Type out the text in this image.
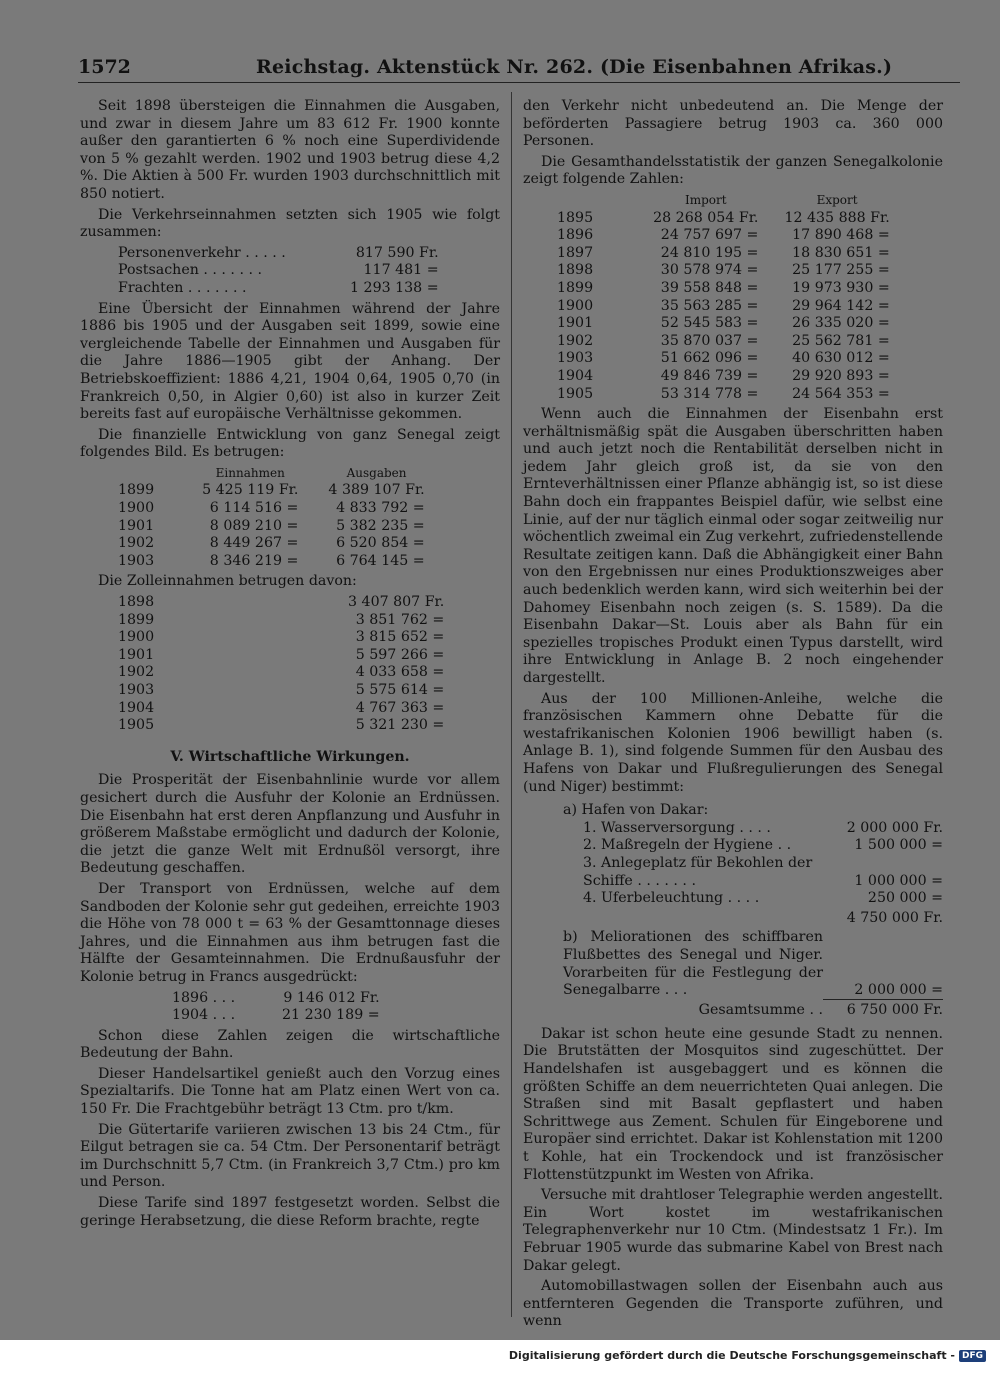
1572	Reichstag. Aktenstück Nr. 262. (Die Eisenbahnen Afrikas.)

Seit 1898 übersteigen die Einnahmen die Ausgaben, und zwar in diesem Jahre um 83 612 Fr. 1900 konnte außer den garantierten 6 % noch eine Superdividende von 5 % gezahlt werden. 1902 und 1903 betrug diese 4,2 %. Die Aktien à 500 Fr. wurden 1903 durchschnittlich mit 850 notiert.

Die Verkehrseinnahmen setzten sich 1905 wie folgt zusammen:

Personenverkehr . . . . .	817 590 Fr.
Postsachen . . . . . . .	117 481 =
Frachten . . . . . . .	1 293 138 =

Eine Übersicht der Einnahmen während der Jahre 1886 bis 1905 und der Ausgaben seit 1899, sowie eine vergleichende Tabelle der Einnahmen und Ausgaben für die Jahre 1886—1905 gibt der Anhang. Der Betriebskoeffizient: 1886 4,21, 1904 0,64, 1905 0,70 (in Frankreich 0,50, in Algier 0,60) ist also in kurzer Zeit bereits fast auf europäische Verhältnisse gekommen.

Die finanzielle Entwicklung von ganz Senegal zeigt folgendes Bild. Es betrugen:

		Einnahmen		Ausgaben
1899		5 425 119 Fr.		4 389 107 Fr.
1900		6 114 516 =		4 833 792 =
1901		8 089 210 =		5 382 235 =
1902		8 449 267 =		6 520 854 =
1903		8 346 219 =		6 764 145 =

Die Zolleinnahmen betrugen davon:

1898	3 407 807 Fr.
1899	3 851 762 =
1900	3 815 652 =
1901	5 597 266 =
1902	4 033 658 =
1903	5 575 614 =
1904	4 767 363 =
1905	5 321 230 =
V. Wirtschaftliche Wirkungen.

Die Prosperität der Eisenbahnlinie wurde vor allem gesichert durch die Ausfuhr der Kolonie an Erdnüssen. Die Eisenbahn hat erst deren Anpflanzung und Ausfuhr in größerem Maßstabe ermöglicht und dadurch der Kolonie, die jetzt die ganze Welt mit Erdnußöl versorgt, ihre Bedeutung geschaffen.

Der Transport von Erdnüssen, welche auf dem Sandboden der Kolonie sehr gut gedeihen, erreichte 1903 die Höhe von 78 000 t = 63 % der Gesamttonnage dieses Jahres, und die Einnahmen aus ihm betrugen fast die Hälfte der Gesamteinnahmen. Die Erdnußausfuhr der Kolonie betrug in Francs ausgedrückt:

1896 . . .	9 146 012 Fr.
1904 . . .	21 230 189 =

Schon diese Zahlen zeigen die wirtschaftliche Bedeutung der Bahn.

Dieser Handelsartikel genießt auch den Vorzug eines Spezialtarifs. Die Tonne hat am Platz einen Wert von ca. 150 Fr. Die Frachtgebühr beträgt 13 Ctm. pro t/km.

Die Gütertarife variieren zwischen 13 bis 24 Ctm., für Eilgut betragen sie ca. 54 Ctm. Der Personentarif beträgt im Durchschnitt 5,7 Ctm. (in Frankreich 3,7 Ctm.) pro km und Person.

Diese Tarife sind 1897 festgesetzt worden. Selbst die geringe Herabsetzung, die diese Reform brachte, regte

den Verkehr nicht unbedeutend an. Die Menge der beförderten Passagiere betrug 1903 ca. 360 000 Personen.

Die Gesamthandelsstatistik der ganzen Senegalkolonie zeigt folgende Zahlen:

		Import		Export
1895		28 268 054 Fr.		12 435 888 Fr.
1896		24 757 697 =		17 890 468 =
1897		24 810 195 =		18 830 651 =
1898		30 578 974 =		25 177 255 =
1899		39 558 848 =		19 973 930 =
1900		35 563 285 =		29 964 142 =
1901		52 545 583 =		26 335 020 =
1902		35 870 037 =		25 562 781 =
1903		51 662 096 =		40 630 012 =
1904		49 846 739 =		29 920 893 =
1905		53 314 778 =		24 564 353 =

Wenn auch die Einnahmen der Eisenbahn erst verhältnismäßig spät die Ausgaben überschritten haben und auch jetzt noch die Rentabilität derselben nicht in jedem Jahr gleich groß ist, da sie von den Ernteverhältnissen einer Pflanze abhängig ist, so ist diese Bahn doch ein frappantes Beispiel dafür, wie selbst eine Linie, auf der nur täglich einmal oder sogar zeitweilig nur wöchentlich zweimal ein Zug verkehrt, zufriedenstellende Resultate zeitigen kann. Daß die Abhängigkeit einer Bahn von den Ergebnissen nur eines Produktionszweiges aber auch bedenklich werden kann, wird sich weiterhin bei der Dahomey Eisenbahn noch zeigen (s. S. 1589). Da die Eisenbahn Dakar—St. Louis aber als Bahn für ein spezielles tropisches Produkt einen Typus darstellt, wird ihre Entwicklung in Anlage B. 2 noch eingehender dargestellt.

Aus der 100 Millionen-Anleihe, welche die französischen Kammern ohne Debatte für die westafrikanischen Kolonien 1906 bewilligt haben (s. Anlage B. 1), sind folgende Summen für den Ausbau des Hafens von Dakar und Flußregulierungen des Senegal (und Niger) bestimmt:

a) Hafen von Dakar:
1. Wasserversorgung . . . .	2 000 000 Fr.
2. Maßregeln der Hygiene . .	1 500 000 =
3. Anlegeplatz für Bekohlen der	
Schiffe . . . . . . .	1 000 000 =
4. Uferbeleuchtung . . . .	250 000 =
4 750 000 Fr.
b) Meliorationen des schiffbaren Flußbettes des Senegal und Niger. Vorarbeiten für die Festlegung der Senegalbarre . . .	2 000 000 =
Gesamtsumme . .	6 750 000 Fr.

Dakar ist schon heute eine gesunde Stadt zu nennen. Die Brutstätten der Mosquitos sind zugeschüttet. Der Handelshafen ist ausgebaggert und es können die größten Schiffe an dem neuerrichteten Quai anlegen. Die Straßen sind mit Basalt gepflastert und haben Schrittwege aus Zement. Schulen für Eingeborene und Europäer sind errichtet. Dakar ist Kohlenstation mit 1200 t Kohle, hat ein Trockendock und ist französischer Flottenstützpunkt im Westen von Afrika.

Versuche mit drahtloser Telegraphie werden angestellt. Ein Wort kostet im westafrikanischen Telegraphenverkehr nur 10 Ctm. (Mindestsatz 1 Fr.). Im Februar 1905 wurde das submarine Kabel von Brest nach Dakar gelegt.

Automobillastwagen sollen der Eisenbahn auch aus entfernteren Gegenden die Transporte zuführen, und wenn

Digitalisierung gefördert durch die Deutsche Forschungsgemeinschaft - DFG
